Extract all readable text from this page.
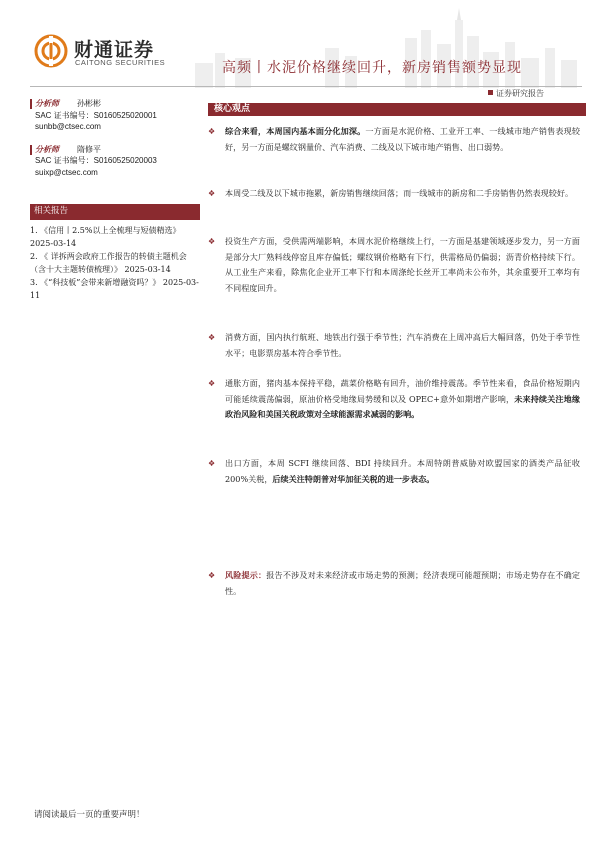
财通证券
CAITONG SECURITIES	高频丨水泥价格继续回升，新房销售额势显现
证券研究报告
分析师 孙彬彬
SAC 证书编号：S0160525020001
sunbb@ctsec.com
分析师 隋修平
SAC 证书编号：S0160525020003
suixp@ctsec.com
相关报告
1. 《信用丨2.5%以上全梳理与短债精选》　2025-03-14
2. 《 详拆两会政府工作报告的转债主题机会　（含十大主题转债梳理）》 2025-03-14
3. 《“科技板”会带来新增融资吗？》 2025-03-11
核心观点
❖ 综合来看，本周国内基本面分化加深。一方面是水泥价格、工业开工率、一线城市地产销售表现较好，另一方面是螺纹钢量价、汽车消费、二线及以下城市地产销售、出口弱势。
❖ 本周受二线及以下城市拖累，新房销售继续回落；而一线城市的新房和二手房销售仍然表现较好。
❖ 投资生产方面，受供需两端影响，本周水泥价格继续上行，一方面是基建领域逐步发力，另一方面是部分大厂熟料线停窑且库存偏低；螺纹钢价格略有下行，供需格局仍偏弱；沥青价格持续下行。从工业生产来看，除焦化企业开工率下行和本周涤纶长丝开工率尚未公布外，其余重要开工率均有不同程度回升。
❖ 消费方面，国内执行航班、地铁出行强于季节性；汽车消费在上周冲高后大幅回落，仍处于季节性水平；电影票房基本符合季节性。
❖ 通胀方面，猪肉基本保持平稳，蔬菜价格略有回升，油价维持震荡。季节性来看，食品价格短期内可能延续震荡偏弱，原油价格受地缘局势缓和以及 OPEC+意外如期增产影响，未来持续关注地缘政治风险和美国关税政策对全球能源需求减弱的影响。
❖ 出口方面，本周 SCFI 继续回落、BDI 持续回升。本周特朗普威胁对欧盟国家的酒类产品征收 200%关税，后续关注特朗普对华加征关税的进一步表态。
❖ 风险提示：报告不涉及对未来经济或市场走势的预测；经济表现可能超预期；市场走势存在不确定性。
请阅读最后一页的重要声明！
